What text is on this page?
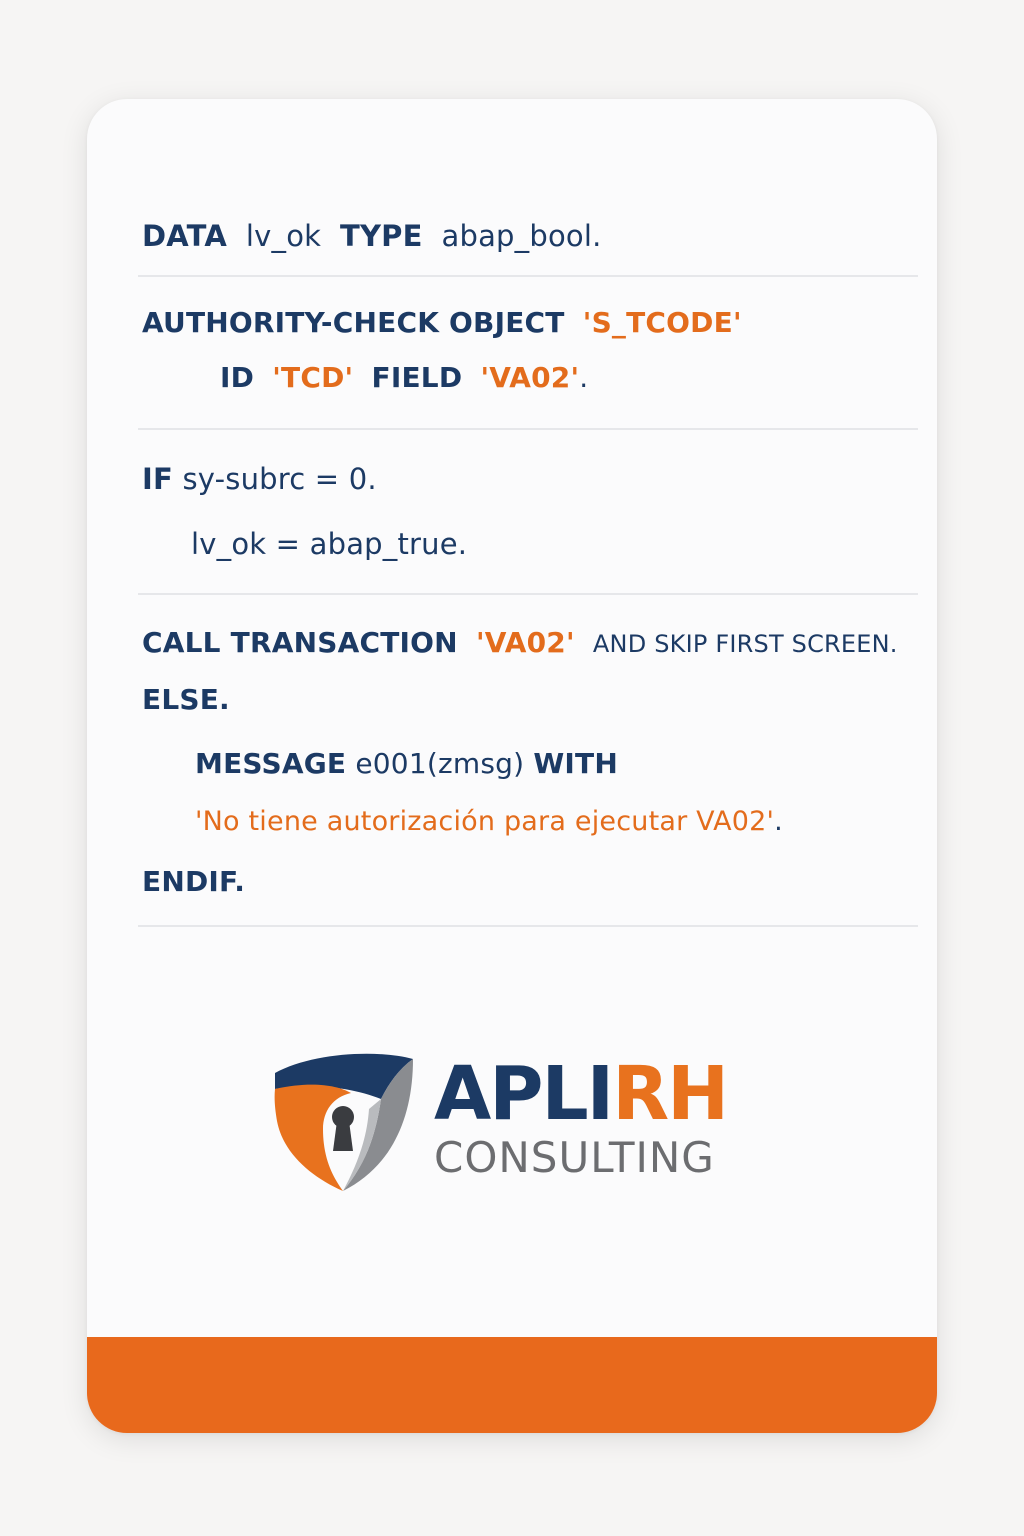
DATA lv_ok TYPE abap_bool.
AUTHORITY-CHECK OBJECT 'S_TCODE'
ID 'TCD' FIELD 'VA02'.
IF sy-subrc = 0.
lv_ok = abap_true.
CALL TRANSACTION 'VA02' AND SKIP FIRST SCREEN.
ELSE.
MESSAGE e001(zmsg) WITH
'No tiene autorización para ejecutar VA02'.
ENDIF.
APLIRH
CONSULTING
